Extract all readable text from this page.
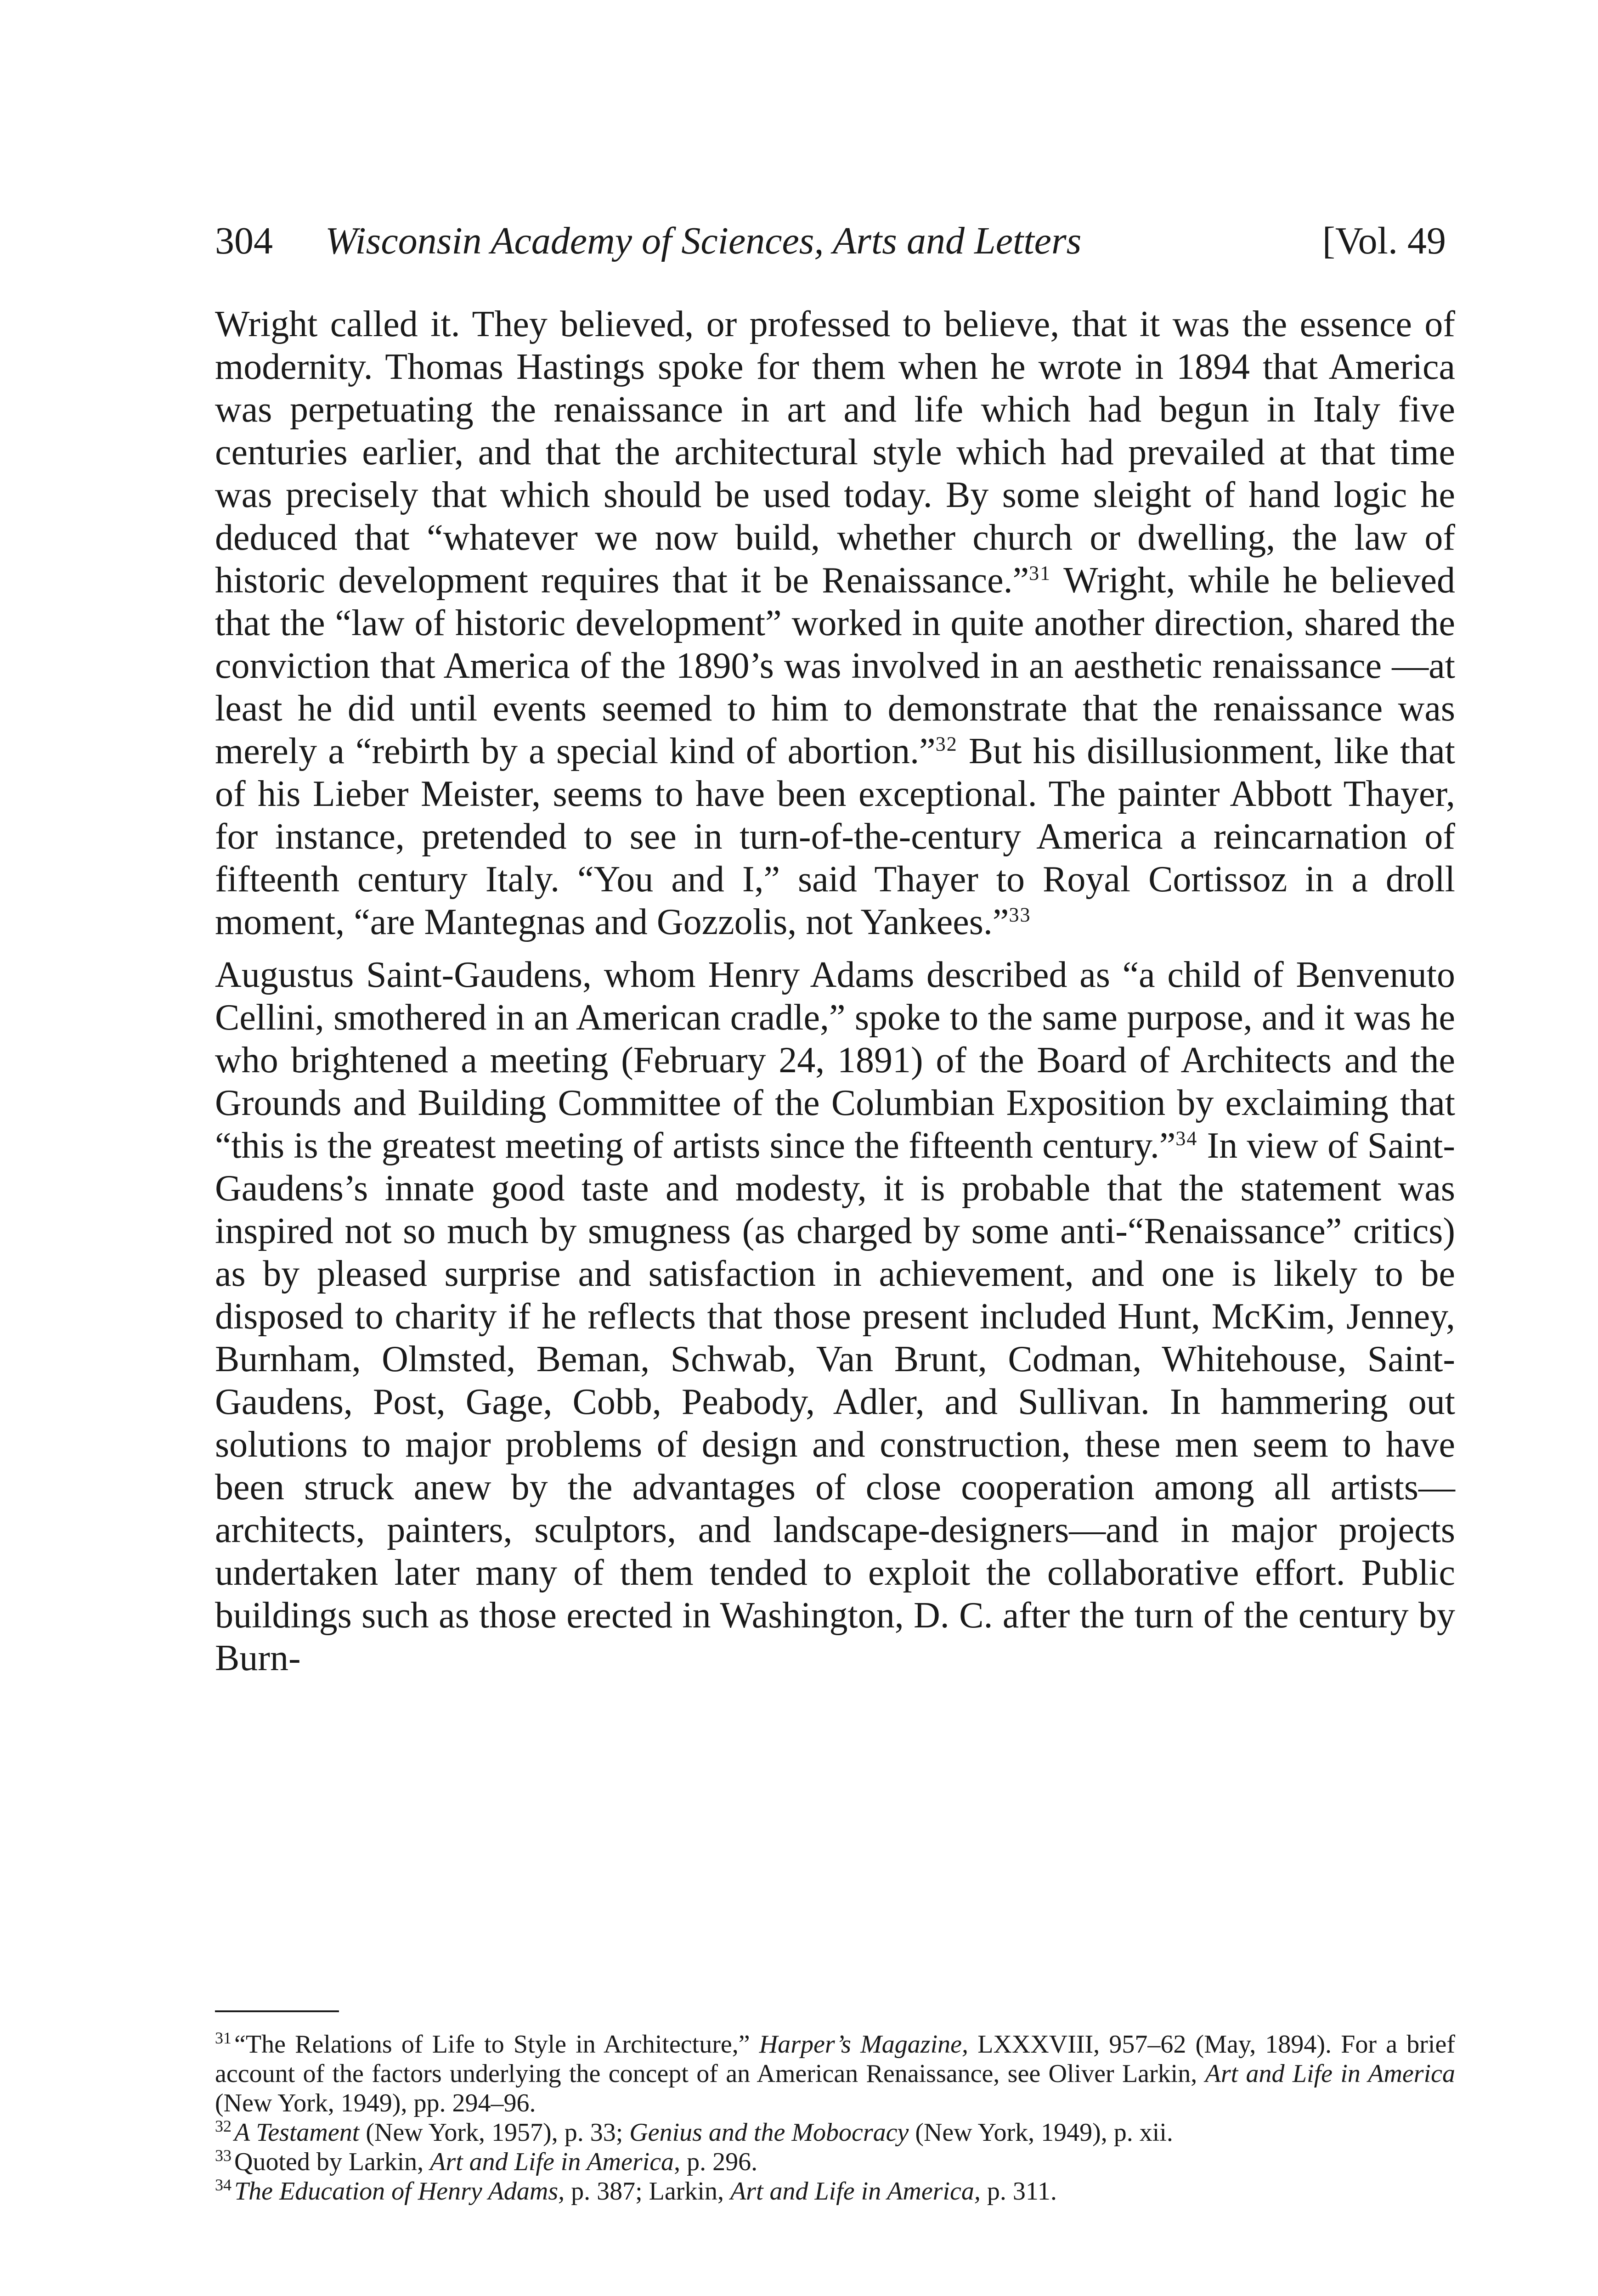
304 Wisconsin Academy of Sciences, Arts and Letters	[Vol. 49

Wright called it. They believed, or professed to believe, that it was the essence of modernity. Thomas Hastings spoke for them when he wrote in 1894 that America was perpetuating the renaissance in art and life which had begun in Italy five centuries earlier, and that the architectural style which had prevailed at that time was precisely that which should be used today. By some sleight of hand logic he deduced that “whatever we now build, whether church or dwelling, the law of historic development requires that it be Renaissance.”$^{31}$ Wright, while he believed that the “law of historic development” worked in quite another direction, shared the conviction that America of the 1890’s was involved in an aesthetic renaissance —at least he did until events seemed to him to demonstrate that the renaissance was merely a “rebirth by a special kind of abortion.”$^{32}$ But his disillusionment, like that of his Lieber Meister, seems to have been exceptional. The painter Abbott Thayer, for instance, pretended to see in turn-of-the-century America a reincarnation of fifteenth century Italy. “You and I,” said Thayer to Royal Cortissoz in a droll moment, “are Mantegnas and Gozzolis, not Yankees.”$^{33}$

Augustus Saint-Gaudens, whom Henry Adams described as “a child of Benvenuto Cellini, smothered in an American cradle,” spoke to the same purpose, and it was he who brightened a meeting (February 24, 1891) of the Board of Architects and the Grounds and Building Committee of the Columbian Exposition by exclaiming that “this is the greatest meeting of artists since the fifteenth century.”$^{34}$ In view of Saint-Gaudens’s innate good taste and modesty, it is probable that the statement was inspired not so much by smugness (as charged by some anti-“Renaissance” critics) as by pleased surprise and satisfaction in achievement, and one is likely to be disposed to charity if he reflects that those present included Hunt, McKim, Jenney, Burnham, Olmsted, Beman, Schwab, Van Brunt, Codman, Whitehouse, Saint-Gaudens, Post, Gage, Cobb, Peabody, Adler, and Sullivan. In hammering out solutions to major problems of design and construction, these men seem to have been struck anew by the advantages of close cooperation among all artists—architects, painters, sculptors, and landscape-designers—and in major projects undertaken later many of them tended to exploit the collaborative effort. Public buildings such as those erected in Washington, D. C. after the turn of the century by Burn-

$^{31}$ “The Relations of Life to Style in Architecture,” Harper’s Magazine, LXXXVIII, 957–62 (May, 1894). For a brief account of the factors underlying the concept of an American Renaissance, see Oliver Larkin, Art and Life in America (New York, 1949), pp. 294–96.

$^{32}$ A Testament (New York, 1957), p. 33; Genius and the Mobocracy (New York, 1949), p. xii.

$^{33}$ Quoted by Larkin, Art and Life in America, p. 296.

$^{34}$ The Education of Henry Adams, p. 387; Larkin, Art and Life in America, p. 311.
